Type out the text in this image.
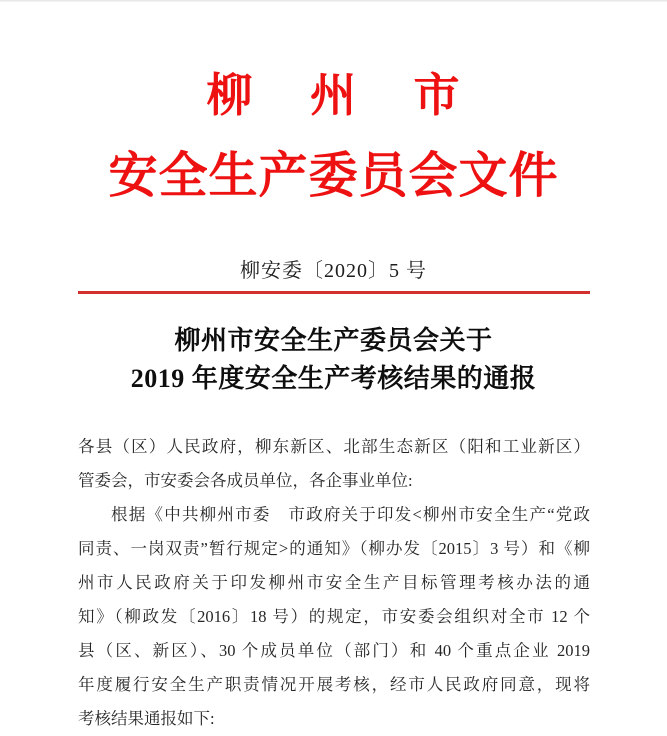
柳 州 市
安全生产委员会文件
柳安委〔2020〕5 号
柳州市安全生产委员会关于
2019 年度安全生产考核结果的通报
各县（区）人民政府，柳东新区、北部生态新区（阳和工业新区）
管委会，市安委会各成员单位，各企事业单位:
根据《中共柳州市委　市政府关于印发<柳州市安全生产“党政
同责、一岗双责”暂行规定>的通知》（柳办发〔2015〕3 号）和《柳
州市人民政府关于印发柳州市安全生产目标管理考核办法的通
知》（柳政发〔2016〕18 号）的规定，市安委会组织对全市 12 个
县（区、新区）、30 个成员单位（部门）和 40 个重点企业 2019
年度履行安全生产职责情况开展考核，经市人民政府同意，现将
考核结果通报如下:
